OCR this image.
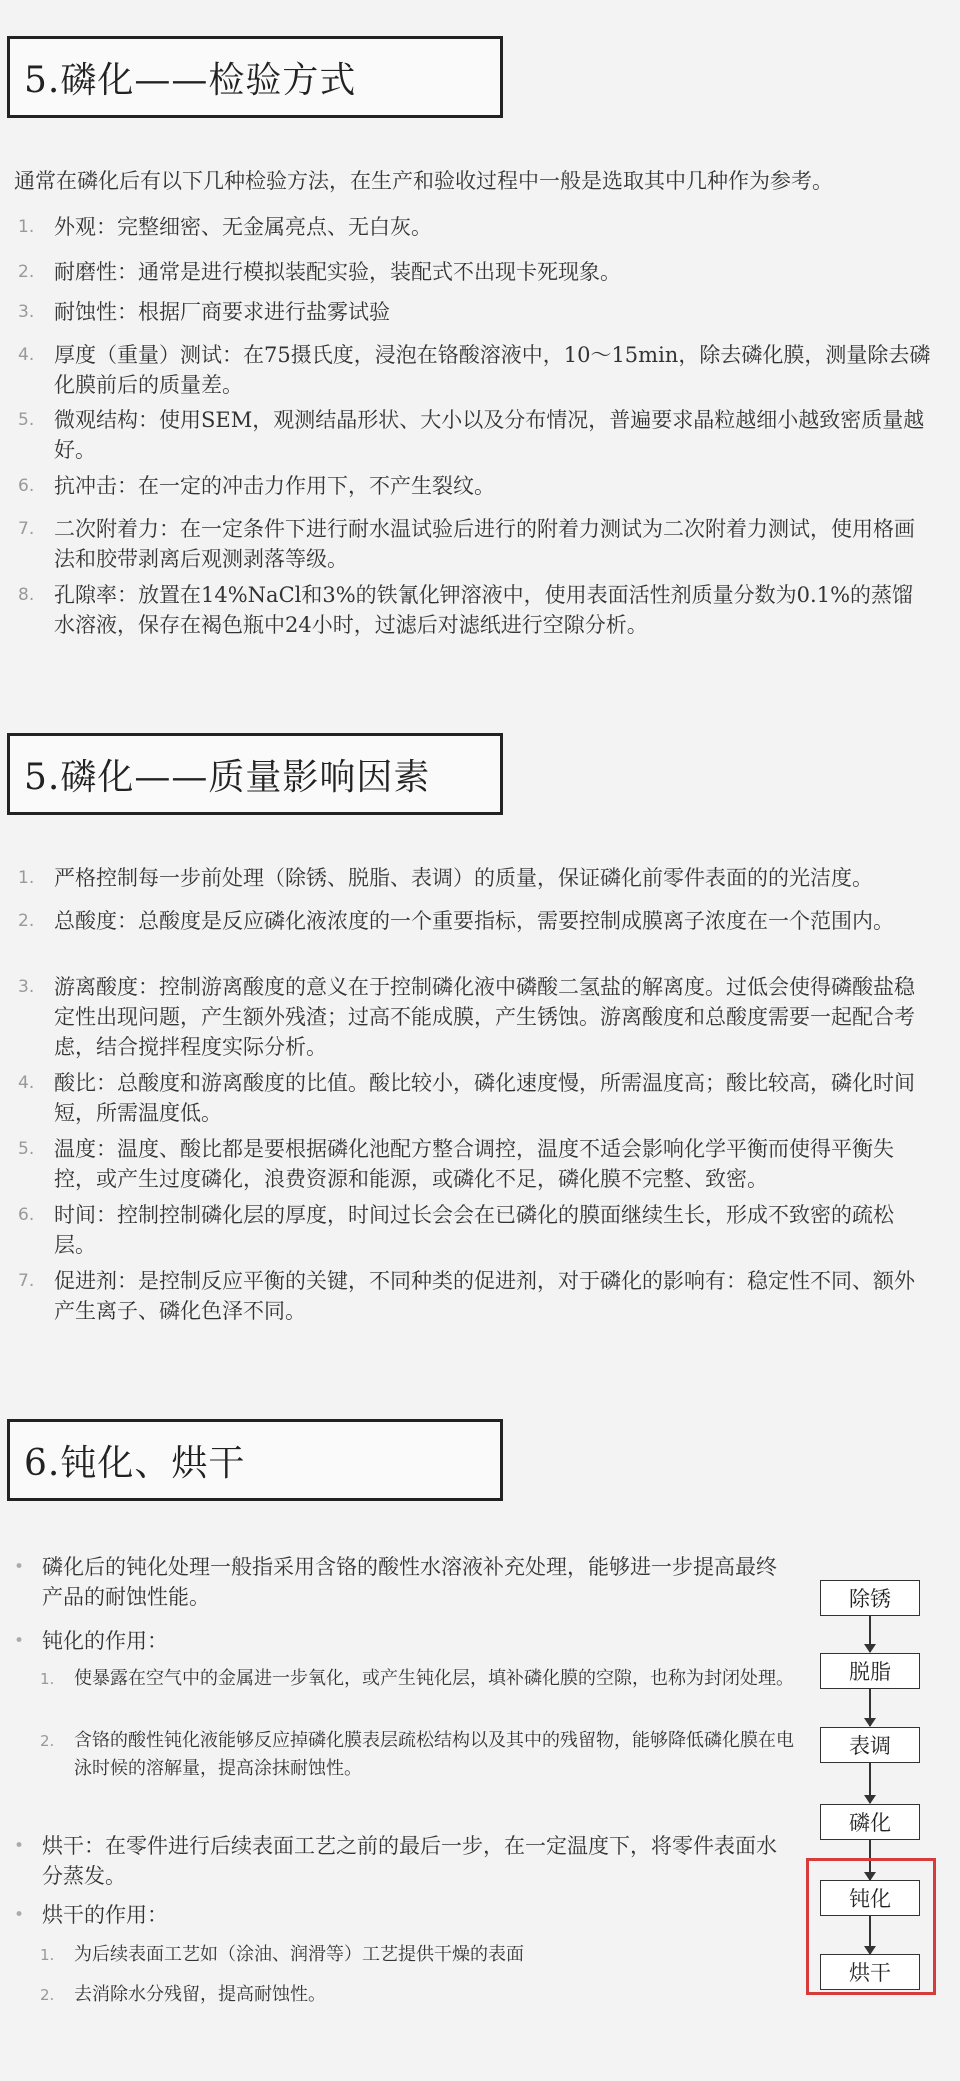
5.磷化——检验方式
通常在磷化后有以下几种检验方法，在生产和验收过程中一般是选取其中几种作为参考。
1. 外观：完整细密、无金属亮点、无白灰。
2. 耐磨性：通常是进行模拟装配实验，装配式不出现卡死现象。
3. 耐蚀性：根据厂商要求进行盐雾试验
4. 厚度（重量）测试：在75摄氏度，浸泡在铬酸溶液中，10～15min，除去磷化膜，测量除去磷化膜前后的质量差。
5. 微观结构：使用SEM，观测结晶形状、大小以及分布情况，普遍要求晶粒越细小越致密质量越好。
6. 抗冲击：在一定的冲击力作用下，不产生裂纹。
7. 二次附着力：在一定条件下进行耐水温试验后进行的附着力测试为二次附着力测试，使用格画法和胶带剥离后观测剥落等级。
8. 孔隙率：放置在14%NaCl和3%的铁氰化钾溶液中，使用表面活性剂质量分数为0.1%的蒸馏水溶液，保存在褐色瓶中24小时，过滤后对滤纸进行空隙分析。
5.磷化——质量影响因素
1. 严格控制每一步前处理（除锈、脱脂、表调）的质量，保证磷化前零件表面的的光洁度。
2. 总酸度：总酸度是反应磷化液浓度的一个重要指标，需要控制成膜离子浓度在一个范围内。
3. 游离酸度：控制游离酸度的意义在于控制磷化液中磷酸二氢盐的解离度。过低会使得磷酸盐稳定性出现问题，产生额外残渣；过高不能成膜，产生锈蚀。游离酸度和总酸度需要一起配合考虑，结合搅拌程度实际分析。
4. 酸比：总酸度和游离酸度的比值。酸比较小，磷化速度慢，所需温度高；酸比较高，磷化时间短，所需温度低。
5. 温度：温度、酸比都是要根据磷化池配方整合调控，温度不适会影响化学平衡而使得平衡失控，或产生过度磷化，浪费资源和能源，或磷化不足，磷化膜不完整、致密。
6. 时间：控制控制磷化层的厚度，时间过长会会在已磷化的膜面继续生长，形成不致密的疏松层。
7. 促进剂：是控制反应平衡的关键，不同种类的促进剂，对于磷化的影响有：稳定性不同、额外产生离子、磷化色泽不同。
6.钝化、烘干
• 磷化后的钝化处理一般指采用含铬的酸性水溶液补充处理，能够进一步提高最终产品的耐蚀性能。
• 钝化的作用：
1.	使暴露在空气中的金属进一步氧化，或产生钝化层，填补磷化膜的空隙，也称为封闭处理。
2.	含铬的酸性钝化液能够反应掉磷化膜表层疏松结构以及其中的残留物，能够降低磷化膜在电泳时候的溶解量，提高涂抹耐蚀性。
• 烘干：在零件进行后续表面工艺之前的最后一步，在一定温度下，将零件表面水分蒸发。
• 烘干的作用：
1.	为后续表面工艺如（涂油、润滑等）工艺提供干燥的表面
2.	去消除水分残留，提高耐蚀性。
除锈
脱脂
表调
磷化
钝化
烘干
